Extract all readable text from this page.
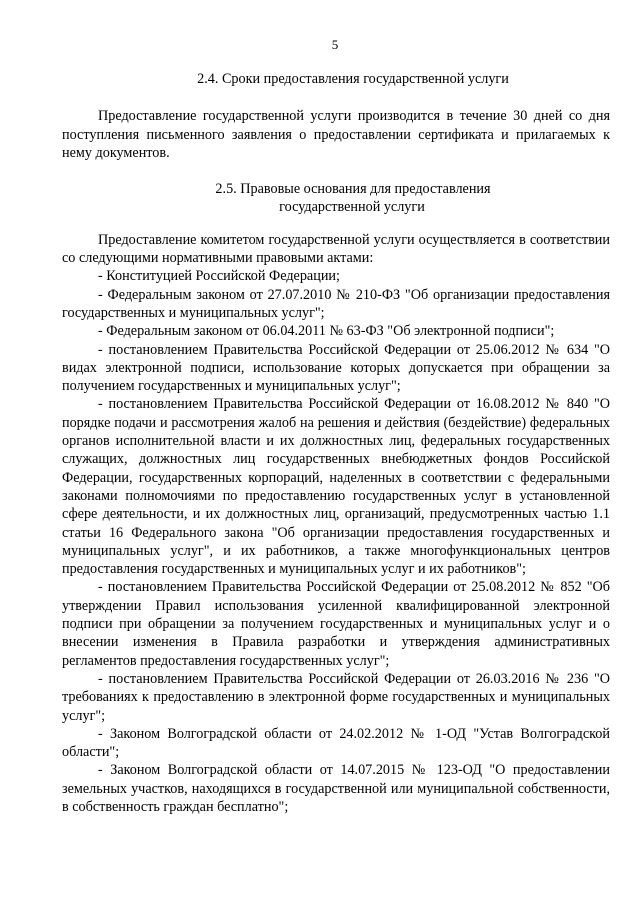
5
2.4. Сроки предоставления государственной услуги

Предоставление государственной услуги производится в течение 30 дней со дня поступления письменного заявления о предоставлении сертификата и прилагаемых к нему документов.

2.5. Правовые основания для предоставления
государственной услуги

Предоставление комитетом государственной услуги осуществляется в соответствии со следующими нормативными правовыми актами:

- Конституцией Российской Федерации;

- Федеральным законом от 27.07.2010 № 210-ФЗ "Об организации предоставления государственных и муниципальных услуг";

- Федеральным законом от 06.04.2011 № 63-ФЗ "Об электронной подписи";

- постановлением Правительства Российской Федерации от 25.06.2012 № 634 "О видах электронной подписи, использование которых допускается при обращении за получением государственных и муниципальных услуг";

- постановлением Правительства Российской Федерации от 16.08.2012 № 840 "О порядке подачи и рассмотрения жалоб на решения и действия (бездействие) федеральных органов исполнительной власти и их должностных лиц, федеральных государственных служащих, должностных лиц государственных внебюджетных фондов Российской Федерации, государственных корпораций, наделенных в соответствии с федеральными законами полномочиями по предоставлению государственных услуг в установленной сфере деятельности, и их должностных лиц, организаций, предусмотренных частью 1.1 статьи 16 Федерального закона "Об организации предоставления государственных и муниципальных услуг", и их работников, а также многофункциональных центров предоставления государственных и муниципальных услуг и их работников";

- постановлением Правительства Российской Федерации от 25.08.2012 № 852 "Об утверждении Правил использования усиленной квалифицированной электронной подписи при обращении за получением государственных и муниципальных услуг и о внесении изменения в Правила разработки и утверждения административных регламентов предоставления государственных услуг";

- постановлением Правительства Российской Федерации от 26.03.2016 № 236 "О требованиях к предоставлению в электронной форме государственных и муниципальных услуг";

- Законом Волгоградской области от 24.02.2012 № 1-ОД "Устав Волгоградской области";

- Законом Волгоградской области от 14.07.2015 № 123-ОД "О предоставлении земельных участков, находящихся в государственной или муниципальной собственности, в собственность граждан бесплатно";
